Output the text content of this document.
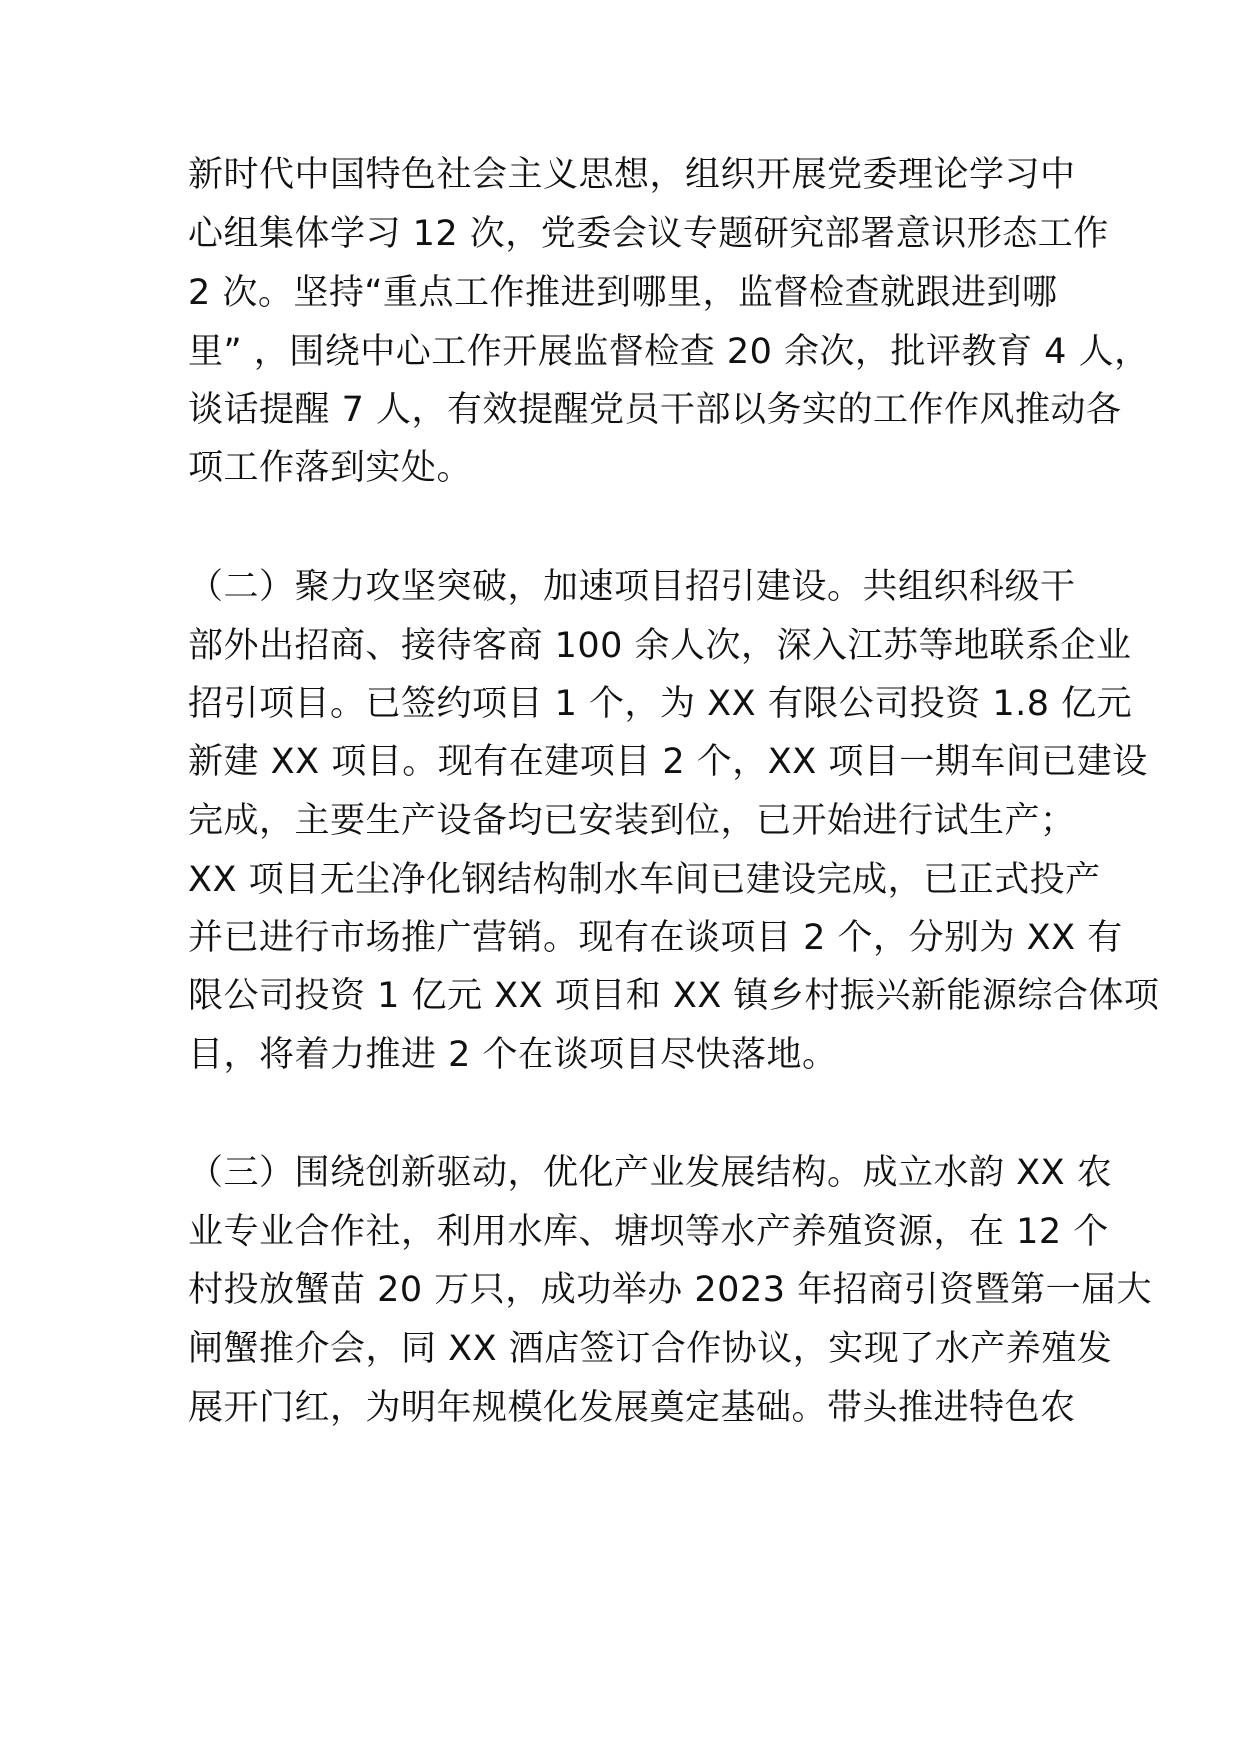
新时代中国特色社会主义思想，组织开展党委理论学习中
心组集体学习 12 次，党委会议专题研究部署意识形态工作
2 次。坚持“重点工作推进到哪里，监督检查就跟进到哪
里” ，围绕中心工作开展监督检查 20 余次，批评教育 4 人，
谈话提醒 7 人，有效提醒党员干部以务实的工作作风推动各
项工作落到实处。
（二）聚力攻坚突破，加速项目招引建设。共组织科级干
部外出招商、接待客商 100 余人次，深入江苏等地联系企业
招引项目。已签约项目 1 个，为 XX 有限公司投资 1.8 亿元
新建 XX 项目。现有在建项目 2 个，XX 项目一期车间已建设
完成，主要生产设备均已安装到位，已开始进行试生产；
XX 项目无尘净化钢结构制水车间已建设完成，已正式投产
并已进行市场推广营销。现有在谈项目 2 个，分别为 XX 有
限公司投资 1 亿元 XX 项目和 XX 镇乡村振兴新能源综合体项
目，将着力推进 2 个在谈项目尽快落地。
（三）围绕创新驱动，优化产业发展结构。成立水韵 XX 农
业专业合作社，利用水库、塘坝等水产养殖资源，在 12 个
村投放蟹苗 20 万只，成功举办 2023 年招商引资暨第一届大
闸蟹推介会，同 XX 酒店签订合作协议，实现了水产养殖发
展开门红，为明年规模化发展奠定基础。带头推进特色农
